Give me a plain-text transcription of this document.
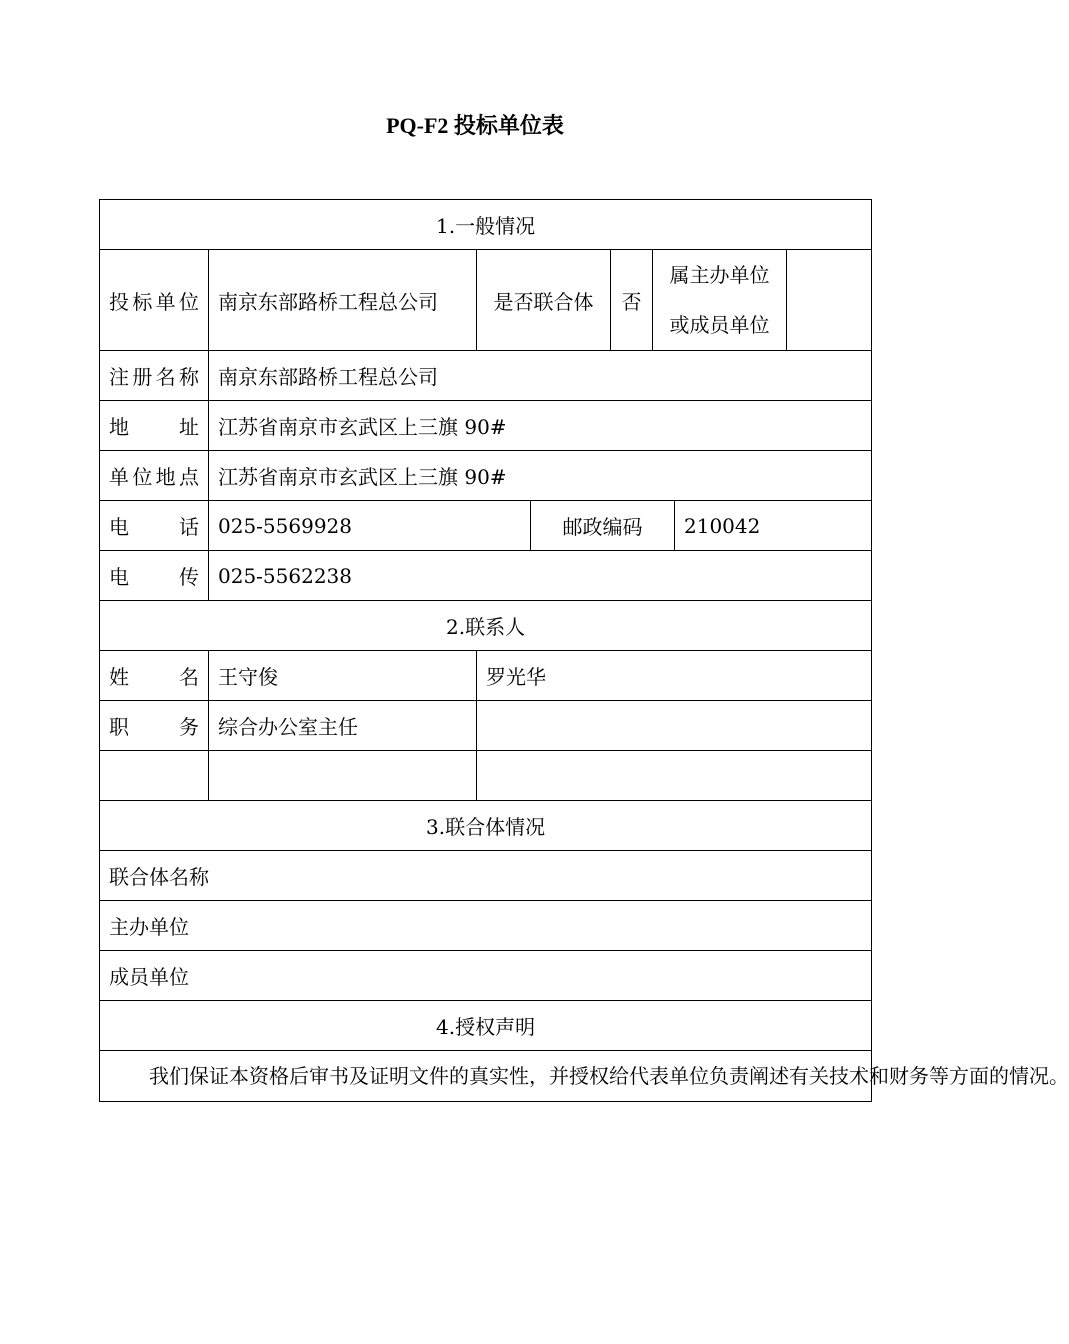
PQ-F2 投标单位表
1.一般情况							
投标单位	南京东部路桥工程总公司	是否联合体		否	属主办单位
或成员单位		

注册名称	南京东部路桥工程总公司						
地　　址	江苏省南京市玄武区上三旗 90#						
单位地点	江苏省南京市玄武区上三旗 90#						
电　　话	025-5569928		邮政编码			210042	
电　　传	025-5562238						
2.联系人							
姓　　名	王守俊	罗光华					
职　　务	综合办公室主任						

3.联合体情况							
联合体名称							
主办单位							
成员单位							
4.授权声明							

我们保证本资格后审书及证明文件的真实性，并授权给代表单位负责阐述有关技术和财务等方面的情况。							
